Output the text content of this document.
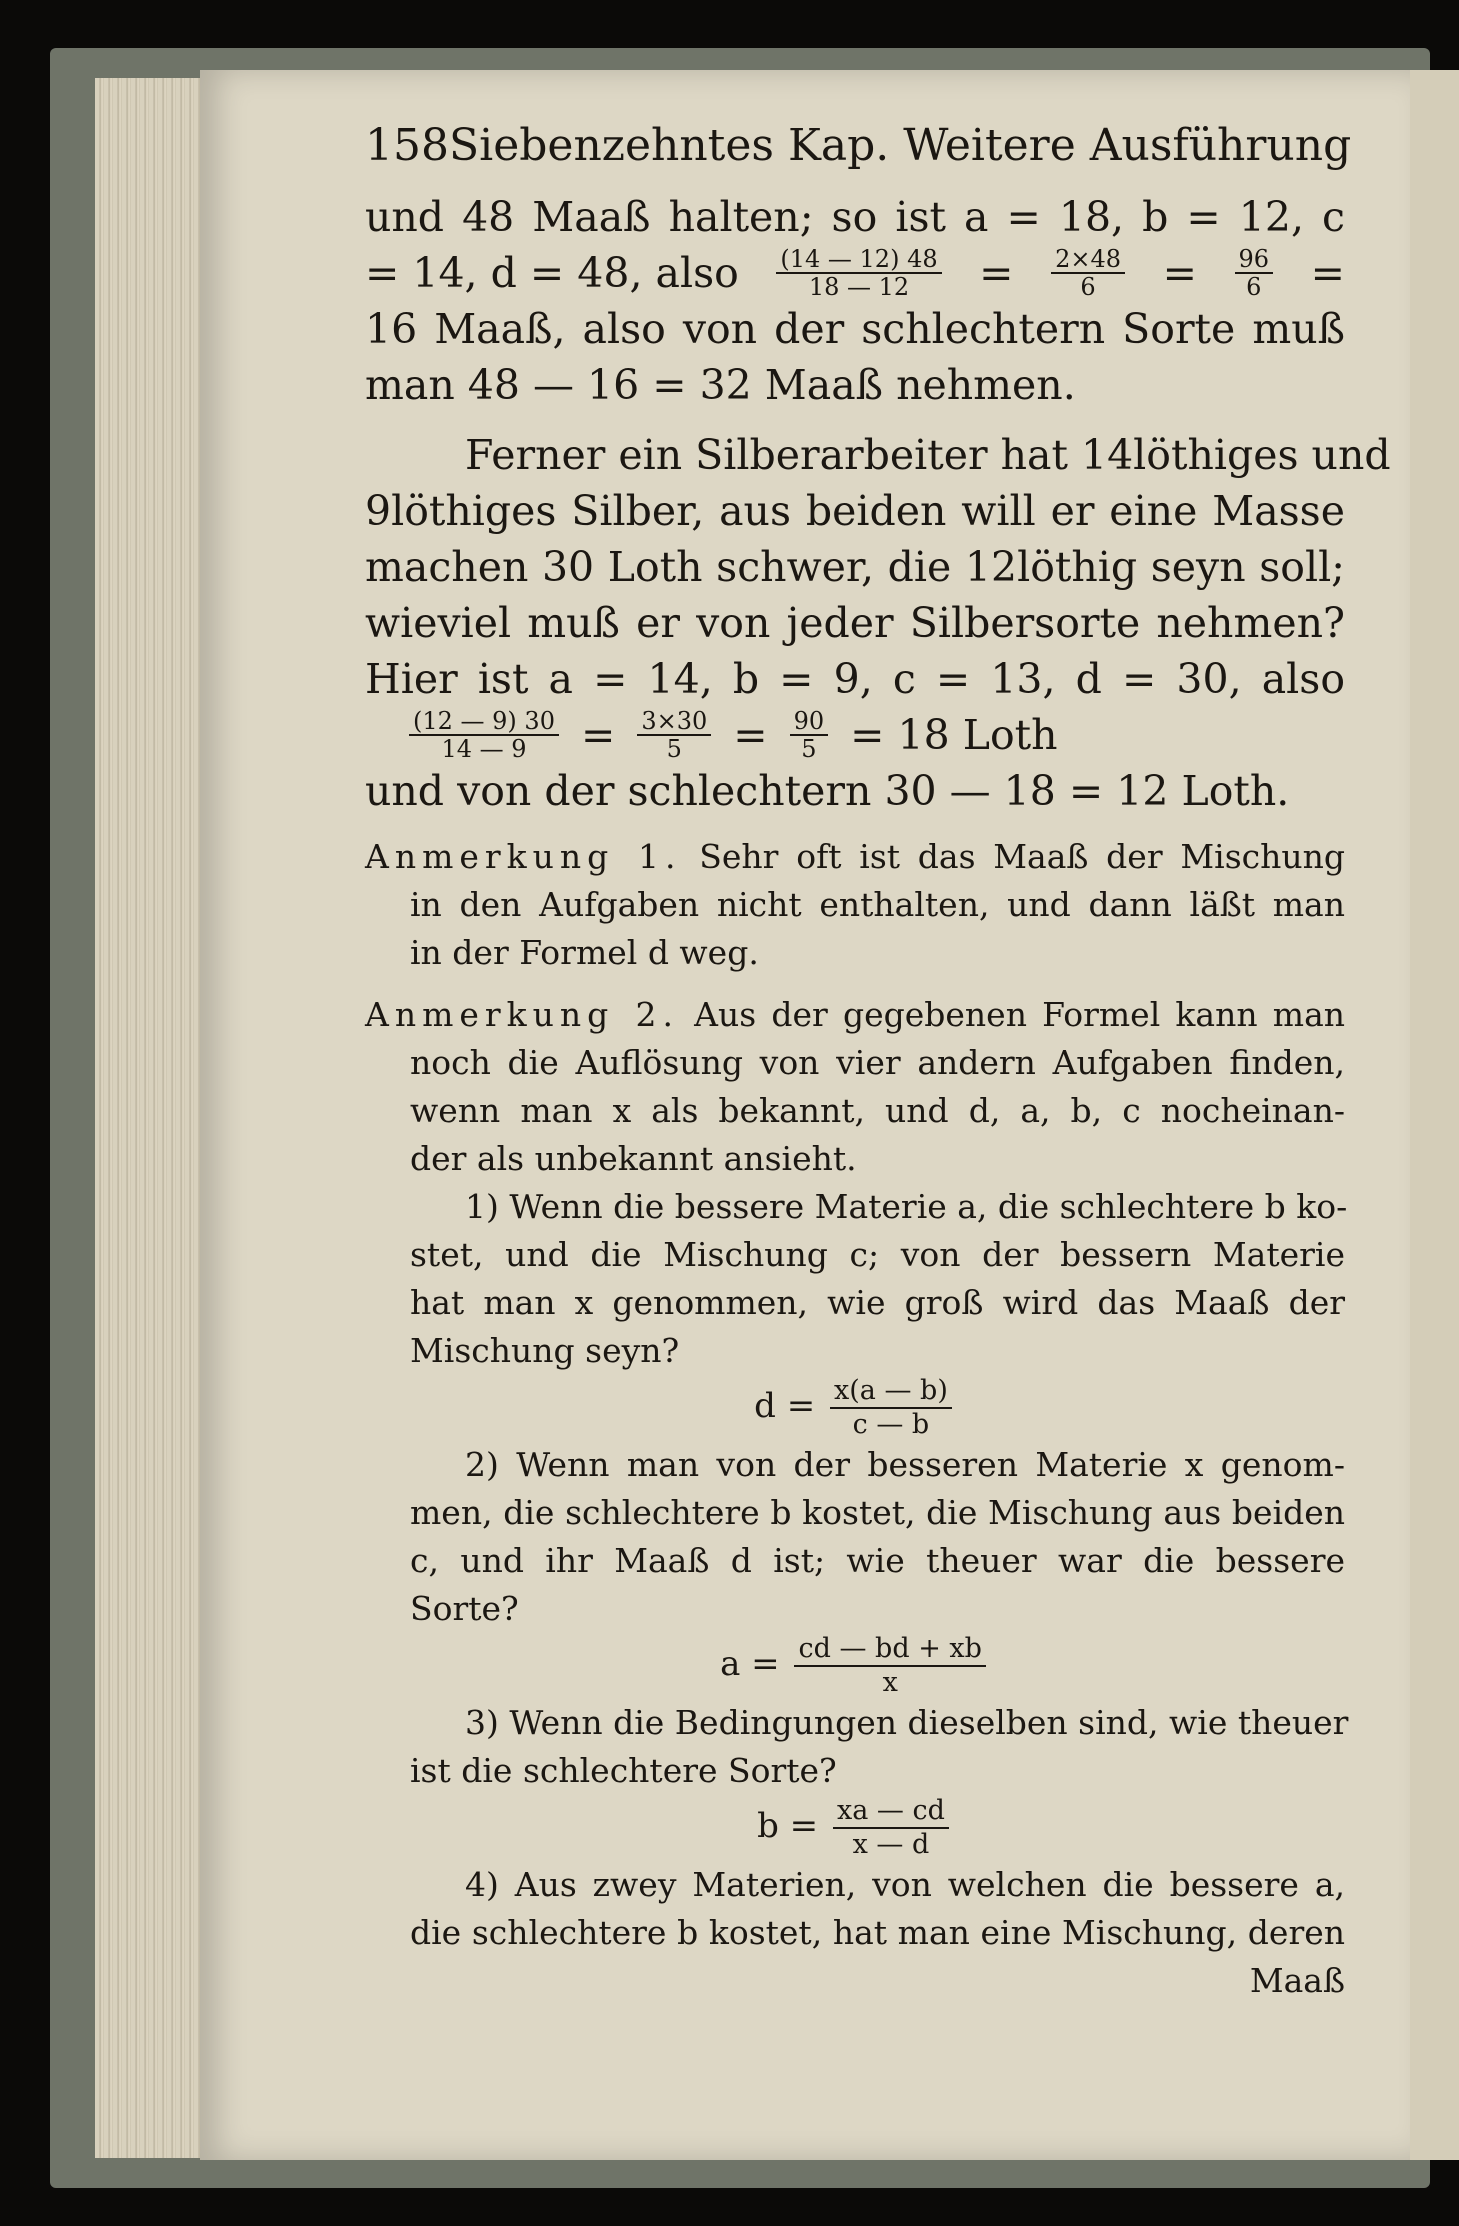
158 Siebenzehntes Kap. Weitere Ausführung
und 48 Maaß halten; so ist a = 18, b = 12, c
= 14, d = 48, also $\frac{(14 — 12) 48}{18 — 12} = \frac{2\times 48}{6} = \frac{96}{6}$ =
16 Maaß, also von der schlechtern Sorte muß
man 48 — 16 = 32 Maaß nehmen.
Ferner ein Silberarbeiter hat 14löthiges und
9löthiges Silber, aus beiden will er eine Masse
machen 30 Loth schwer, die 12löthig seyn soll;
wieviel muß er von jeder Silbersorte nehmen?
Hier ist a = 14, b = 9, c = 13, d = 30, also
$\frac{(12 — 9) 30}{14 — 9} = \frac{3\times 30}{5} = \frac{90}{5} = 18$ Loth
und von der schlechtern 30 — 18 = 12 Loth.
Anmerkung 1. Sehr oft ist das Maaß der Mischung
in den Aufgaben nicht enthalten, und dann läßt man
in der Formel d weg.
Anmerkung 2. Aus der gegebenen Formel kann man
noch die Auflösung von vier andern Aufgaben finden,
wenn man x als bekannt, und d, a, b, c nocheinan-
der als unbekannt ansieht.
1) Wenn die bessere Materie a, die schlechtere b ko-
stet, und die Mischung c; von der bessern Materie
hat man x genommen, wie groß wird das Maaß der
Mischung seyn?
$d = \frac{x(a — b)}{c — b}$
2) Wenn man von der besseren Materie x genom-
men, die schlechtere b kostet, die Mischung aus beiden
c, und ihr Maaß d ist; wie theuer war die bessere
Sorte?
$a = \frac{cd — bd + xb}{x}$
3) Wenn die Bedingungen dieselben sind, wie theuer
ist die schlechtere Sorte?
$b = \frac{xa — cd}{x — d}$
4) Aus zwey Materien, von welchen die bessere a,
die schlechtere b kostet, hat man eine Mischung, deren
Maaß
